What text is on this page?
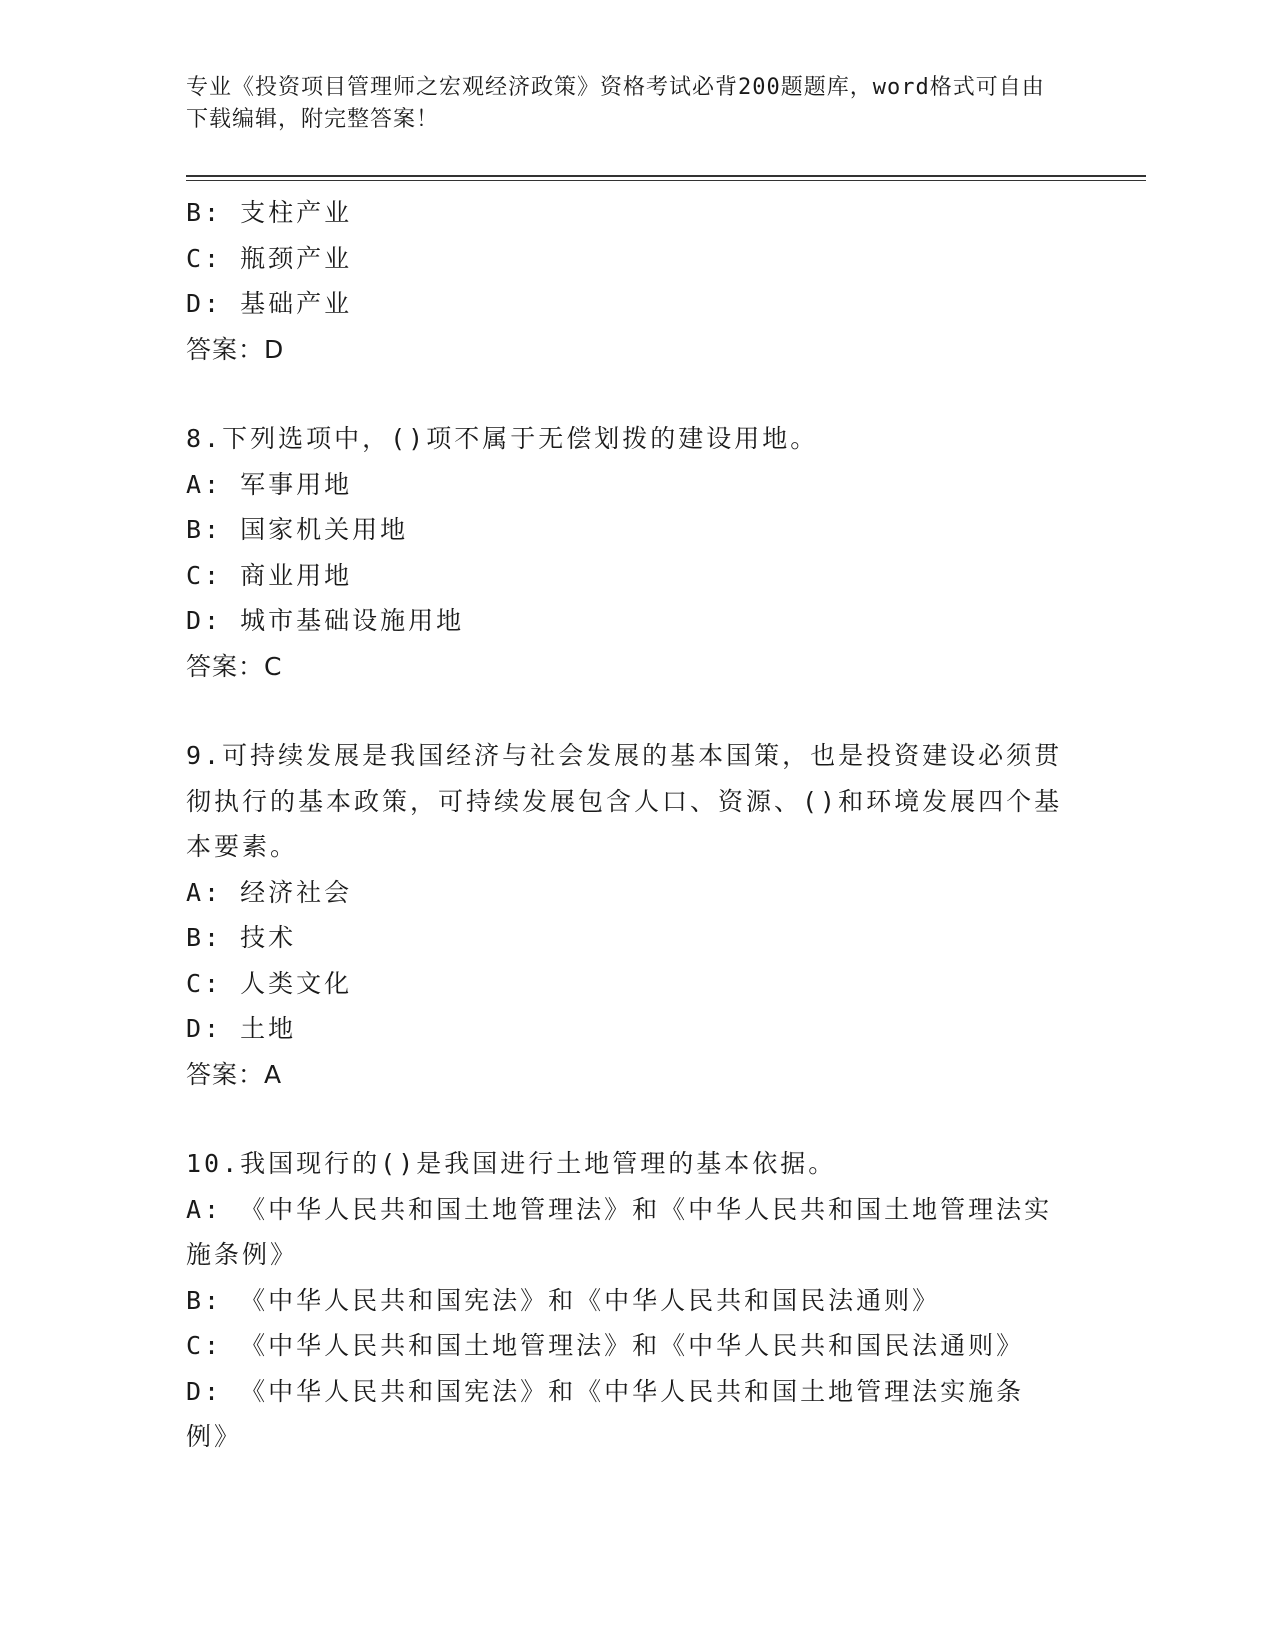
专业《投资项目管理师之宏观经济政策》资格考试必背200题题库，word格式可自由下载编辑，附完整答案！
B: 支柱产业
C: 瓶颈产业
D: 基础产业
答案：D
8.下列选项中，()项不属于无偿划拨的建设用地。
A: 军事用地
B: 国家机关用地
C: 商业用地
D: 城市基础设施用地
答案：C
9.可持续发展是我国经济与社会发展的基本国策，也是投资建设必须贯彻执行的基本政策，可持续发展包含人口、资源、()和环境发展四个基本要素。
A: 经济社会
B: 技术
C: 人类文化
D: 土地
答案：A
10.我国现行的()是我国进行土地管理的基本依据。
A: 《中华人民共和国土地管理法》和《中华人民共和国土地管理法实施条例》
B: 《中华人民共和国宪法》和《中华人民共和国民法通则》
C: 《中华人民共和国土地管理法》和《中华人民共和国民法通则》
D: 《中华人民共和国宪法》和《中华人民共和国土地管理法实施条例》
